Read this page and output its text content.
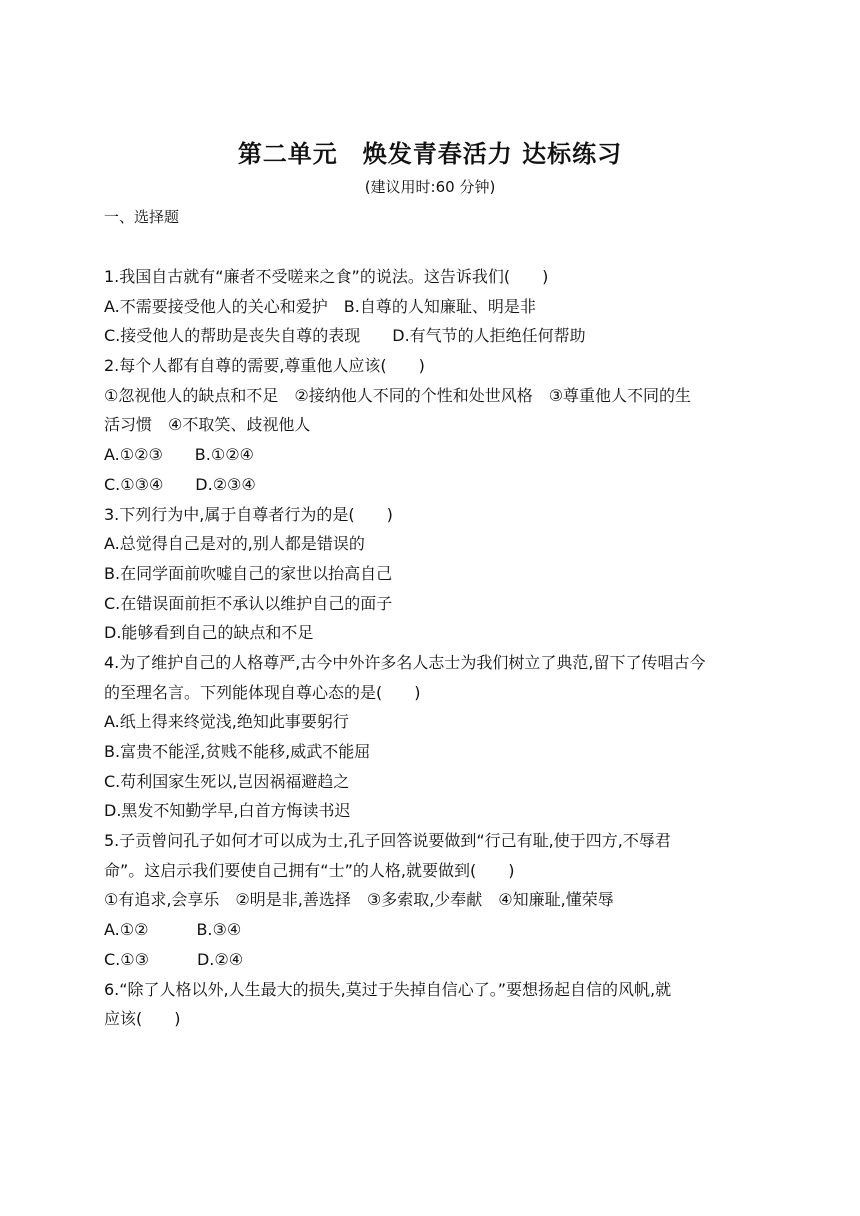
第二单元　焕发青春活力 达标练习
(建议用时:60 分钟)
一、选择题
1.我国自古就有“廉者不受嗟来之食”的说法。这告诉我们(　　)
A.不需要接受他人的关心和爱护　B.自尊的人知廉耻、明是非
C.接受他人的帮助是丧失自尊的表现　　D.有气节的人拒绝任何帮助
2.每个人都有自尊的需要,尊重他人应该(　　)
①忽视他人的缺点和不足　②接纳他人不同的个性和处世风格　③尊重他人不同的生
活习惯　④不取笑、歧视他人
A.①②③　　B.①②④
C.①③④　　D.②③④
3.下列行为中,属于自尊者行为的是(　　)
A.总觉得自己是对的,别人都是错误的
B.在同学面前吹嘘自己的家世以抬高自己
C.在错误面前拒不承认以维护自己的面子
D.能够看到自己的缺点和不足
4.为了维护自己的人格尊严,古今中外许多名人志士为我们树立了典范,留下了传唱古今
的至理名言。下列能体现自尊心态的是(　　)
A.纸上得来终觉浅,绝知此事要躬行
B.富贵不能淫,贫贱不能移,威武不能屈
C.苟利国家生死以,岂因祸福避趋之
D.黑发不知勤学早,白首方悔读书迟
5.子贡曾问孔子如何才可以成为士,孔子回答说要做到“行己有耻,使于四方,不辱君
命”。这启示我们要使自己拥有“士”的人格,就要做到(　　)
①有追求,会享乐　②明是非,善选择　③多索取,少奉献　④知廉耻,懂荣辱
A.①②　　　B.③④
C.①③　　　D.②④
6.“除了人格以外,人生最大的损失,莫过于失掉自信心了。”要想扬起自信的风帆,就
应该(　　)
